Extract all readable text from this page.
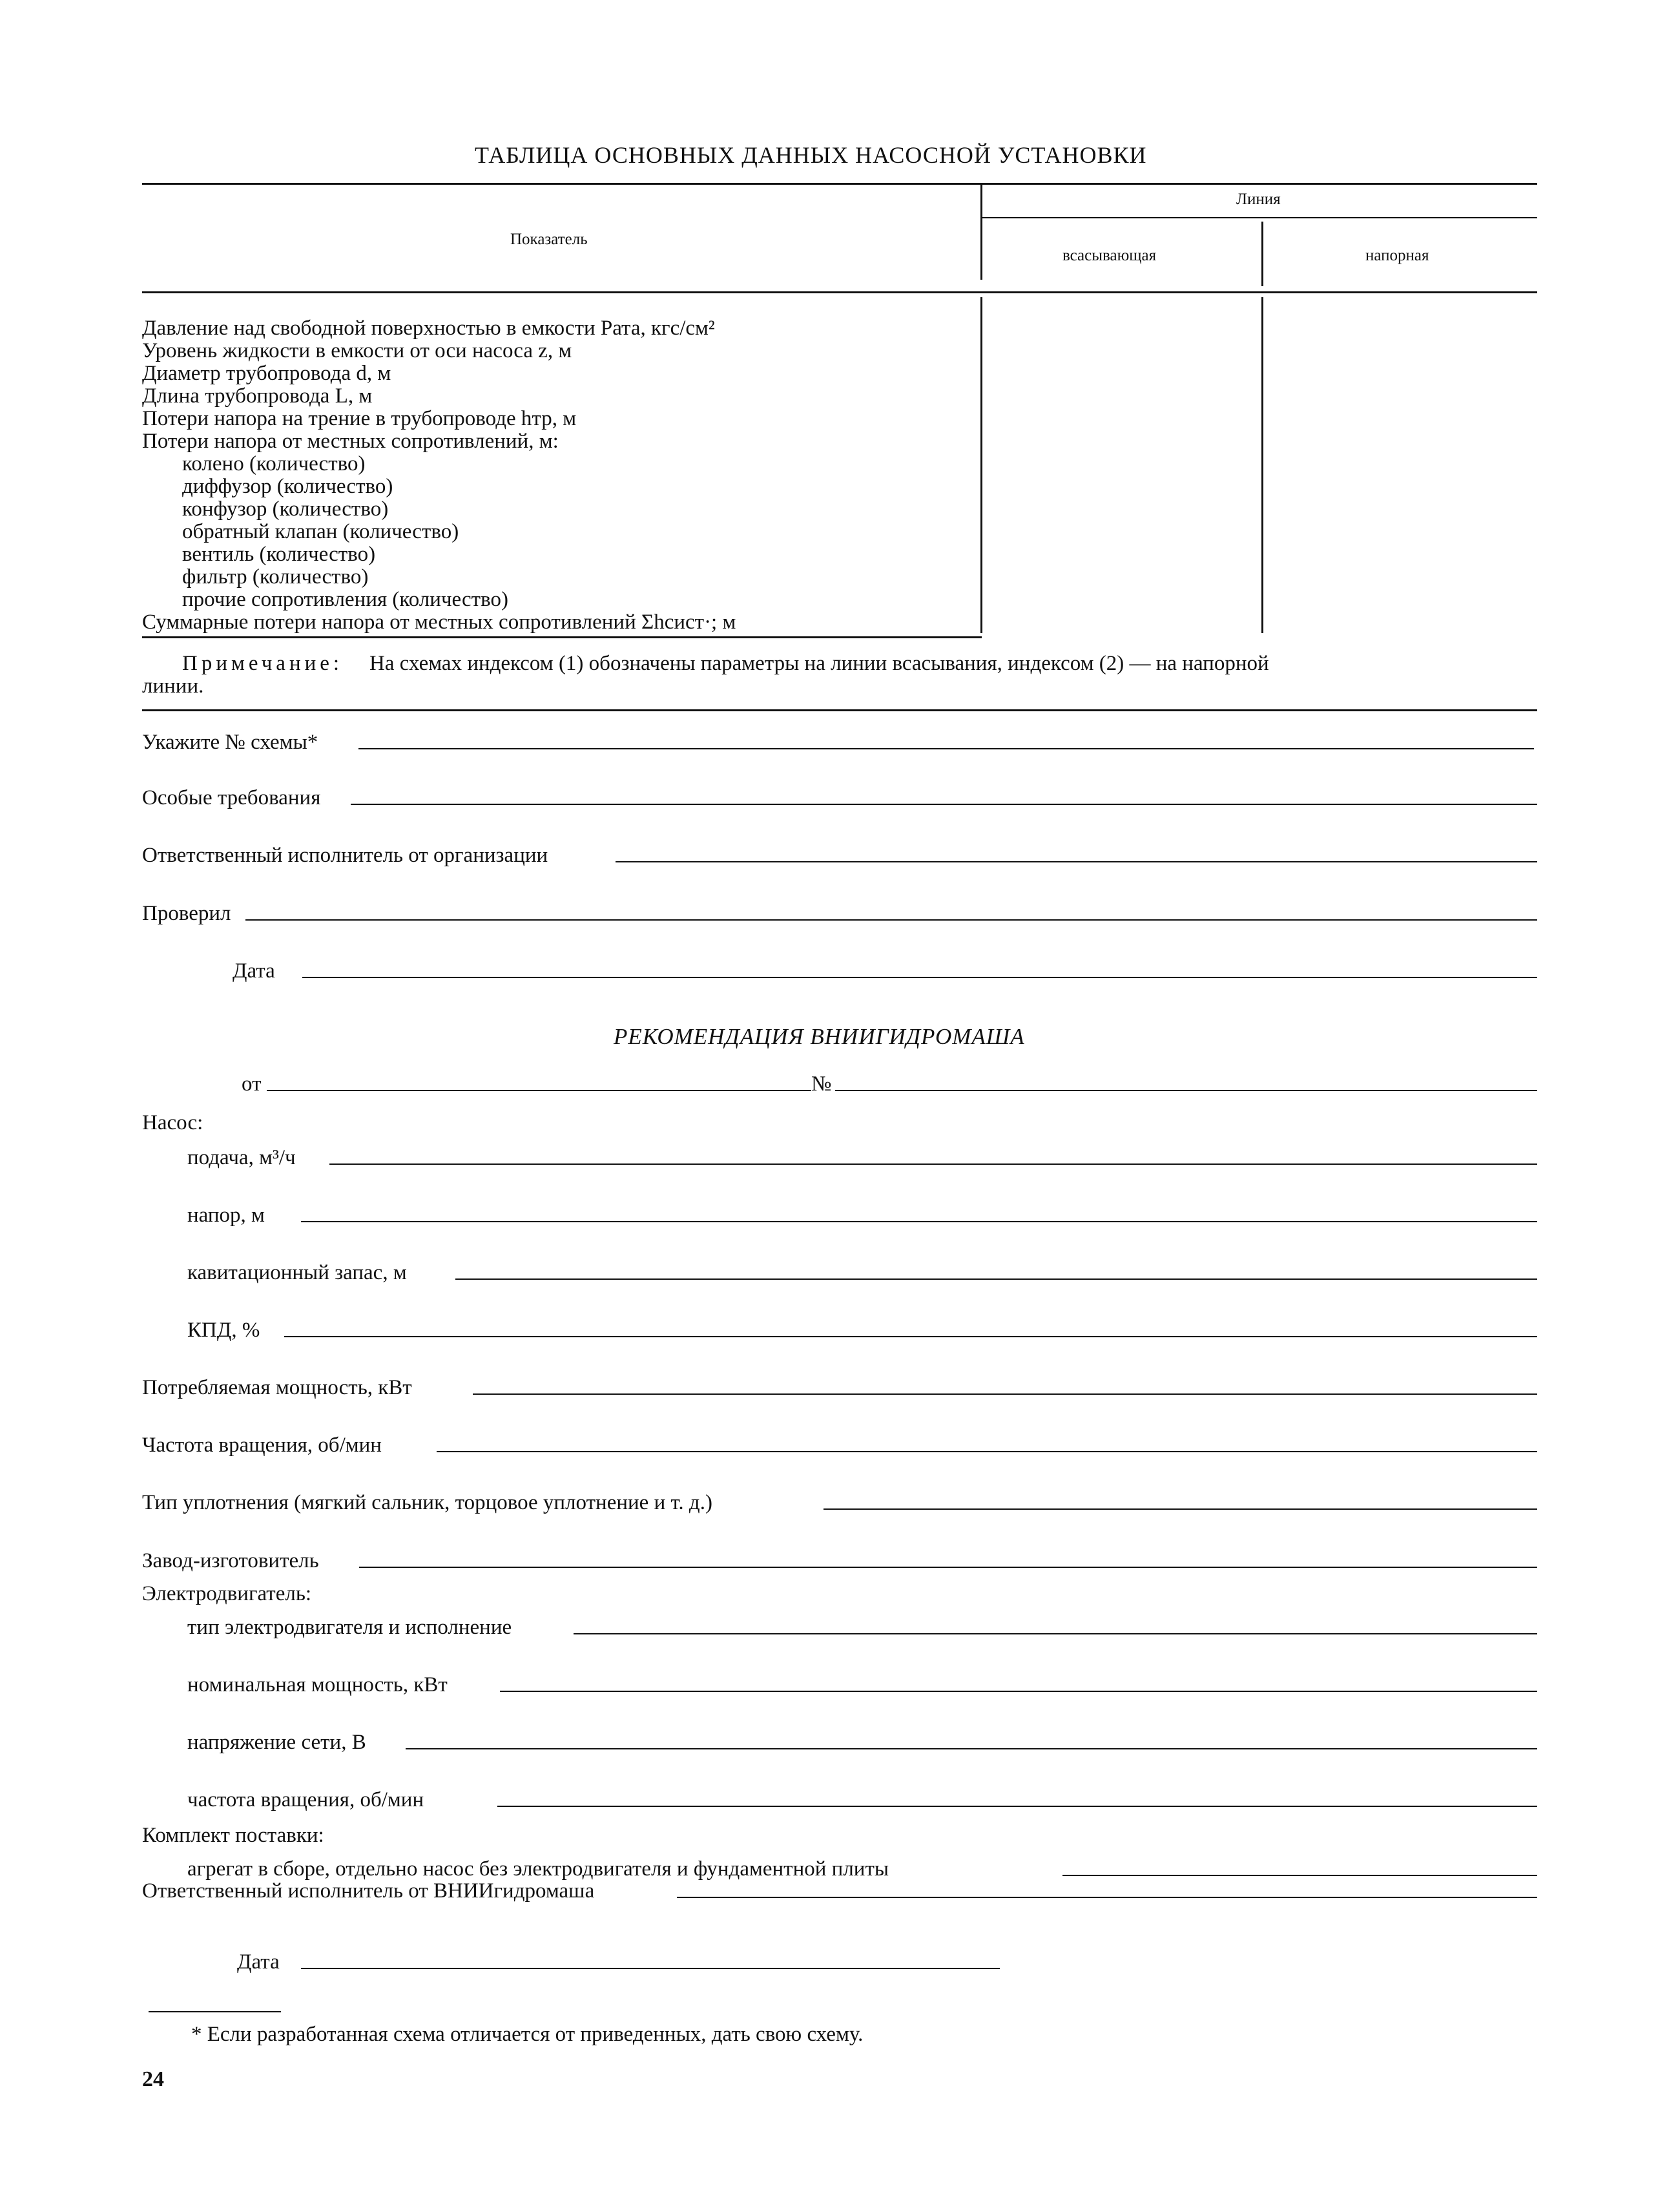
ТАБЛИЦА ОСНОВНЫХ ДАННЫХ НАСОСНОЙ УСТАНОВКИ
Показатель
Линия
всасывающая	напорная
Давление над свободной поверхностью в емкости Pата, кгс/см²
Уровень жидкости в емкости от оси насоса z, м
Диаметр трубопровода d, м
Длина трубопровода L, м
Потери напора на трение в трубопроводе hтр, м
Потери напора от местных сопротивлений, м:
колено (количество)
диффузор (количество)
конфузор (количество)
обратный клапан (количество)
вентиль (количество)
фильтр (количество)
прочие сопротивления (количество)
Суммарные потери напора от местных сопротивлений Σhсист·; м
Примечание: На схемах индексом (1) обозначены параметры на линии всасывания, индексом (2) — на напорной
линии.
Укажите № схемы*
Особые требования
Ответственный исполнитель от организации
Проверил
Дата
РЕКОМЕНДАЦИЯ ВНИИГИДРОМАША
от	№
Насос:
подача, м³/ч
напор, м
кавитационный запас, м
КПД, %
Потребляемая мощность, кВт
Частота вращения, об/мин
Тип уплотнения (мягкий сальник, торцовое уплотнение и т. д.)
Завод-изготовитель
Электродвигатель:
тип электродвигателя и исполнение
номинальная мощность, кВт
напряжение сети, В
частота вращения, об/мин
Комплект поставки:
агрегат в сборе, отдельно насос без электродвигателя и фундаментной плиты
Ответственный исполнитель от ВНИИгидромаша
Дата
* Если разработанная схема отличается от приведенных, дать свою схему.
24
